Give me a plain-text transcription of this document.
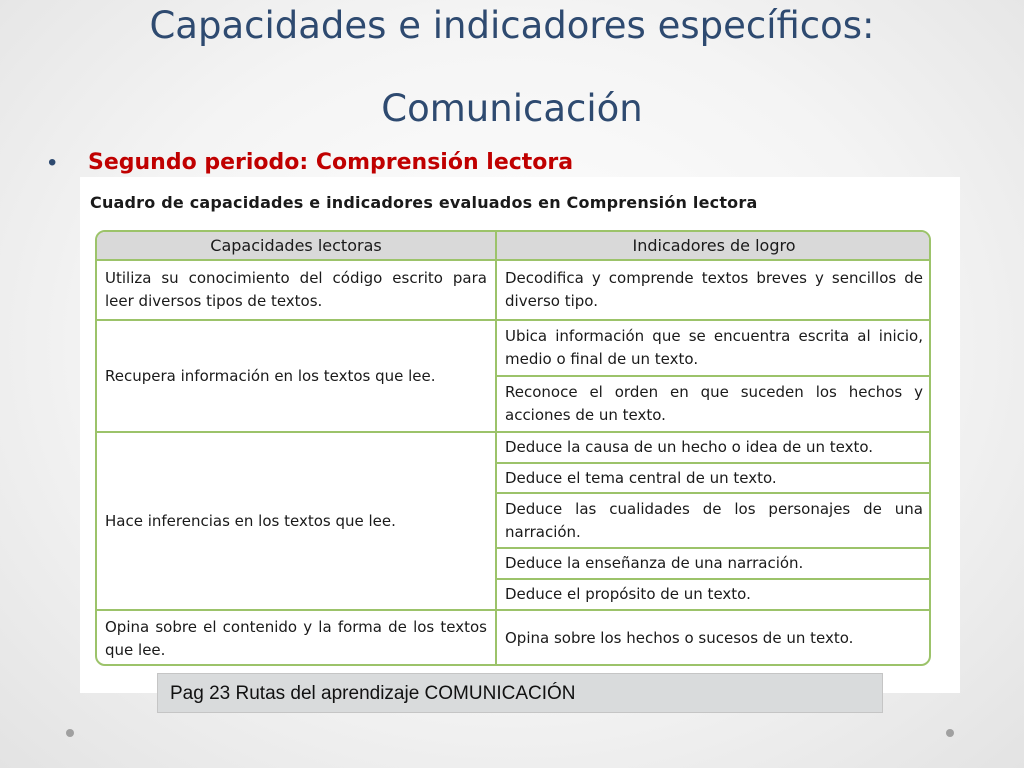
Capacidades e indicadores específicos:
Comunicación
• Segundo periodo: Comprensión lectora
Cuadro de capacidades e indicadores evaluados en Comprensión lectora
Capacidades lectoras	Indicadores de logro
Utiliza su conocimiento del código escrito para leer diversos tipos de textos.
Recupera información en los textos que lee.
Hace inferencias en los textos que lee.
Opina sobre el contenido y la forma de los textos que lee.
Decodifica y comprende textos breves y sencillos de diverso tipo.
Ubica información que se encuentra escrita al inicio, medio o final de un texto.
Reconoce el orden en que suceden los hechos y acciones de un texto.
Deduce la causa de un hecho o idea de un texto.
Deduce el tema central de un texto.
Deduce las cualidades de los personajes de una narración.
Deduce la enseñanza de una narración.
Deduce el propósito de un texto.
Opina sobre los hechos o sucesos de un texto.
Pag 23 Rutas del aprendizaje COMUNICACIÓN
